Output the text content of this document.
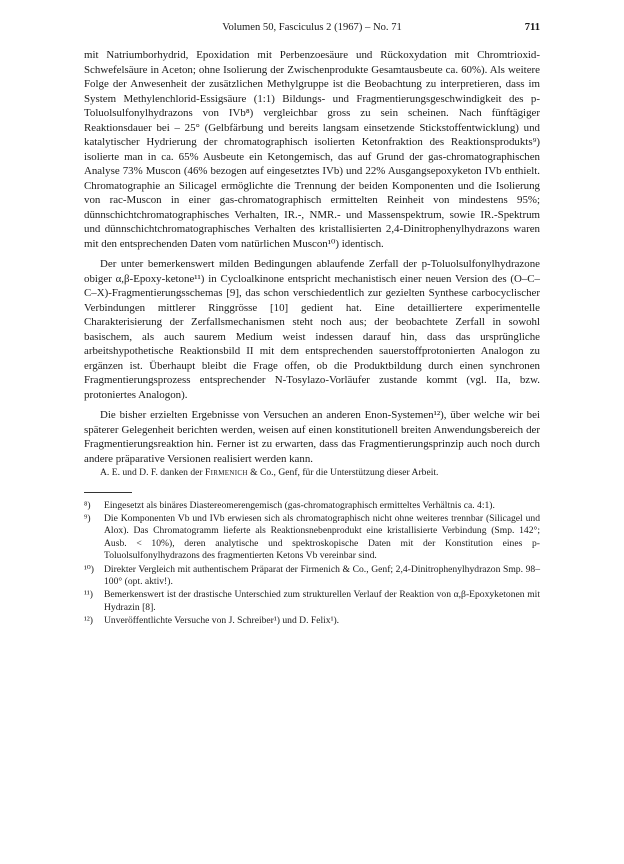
Volumen 50, Fasciculus 2 (1967) – No. 71	711

mit Natriumborhydrid, Epoxidation mit Perbenzoesäure und Rückoxydation mit Chromtrioxid-Schwefelsäure in Aceton; ohne Isolierung der Zwischenprodukte Gesamtausbeute ca. 60%). Als weitere Folge der Anwesenheit der zusätzlichen Methylgruppe ist die Beobachtung zu interpretieren, dass im System Methylenchlorid-Essigsäure (1:1) Bildungs- und Fragmentierungsgeschwindigkeit des p-Toluolsulfonylhydrazons von IVb⁸) vergleichbar gross zu sein scheinen. Nach fünftägiger Reaktionsdauer bei – 25° (Gelbfärbung und bereits langsam einsetzende Stickstoffentwicklung) und katalytischer Hydrierung der chromatographisch isolierten Ketonfraktion des Reaktionsprodukts⁹) isolierte man in ca. 65% Ausbeute ein Ketongemisch, das auf Grund der gas-chromatographischen Analyse 73% Muscon (46% bezogen auf eingesetztes IVb) und 22% Ausgangsepoxyketon IVb enthielt. Chromatographie an Silicagel ermöglichte die Trennung der beiden Komponenten und die Isolierung von rac-Muscon in einer gas-chromatographisch ermittelten Reinheit von mindestens 95%; dünnschichtchromatographisches Verhalten, IR.-, NMR.- und Massenspektrum, sowie IR.-Spektrum und dünnschichtchromatographisches Verhalten des kristallisierten 2,4-Dinitrophenylhydrazons waren mit den entsprechenden Daten vom natürlichen Muscon¹⁰) identisch.

Der unter bemerkenswert milden Bedingungen ablaufende Zerfall der p-Toluolsulfonylhydrazone obiger α,β-Epoxy-ketone¹¹) in Cycloalkinone entspricht mechanistisch einer neuen Version des (O–C–C–X)-Fragmentierungsschemas [9], das schon verschiedentlich zur gezielten Synthese carbocyclischer Verbindungen mittlerer Ringgrösse [10] gedient hat. Eine detailliertere experimentelle Charakterisierung der Zerfallsmechanismen steht noch aus; der beobachtete Zerfall in sowohl basischem, als auch saurem Medium weist indessen darauf hin, dass das ursprüngliche arbeitshypothetische Reaktionsbild II mit dem entsprechenden sauerstoffprotonierten Analogon zu ergänzen ist. Überhaupt bleibt die Frage offen, ob die Produktbildung durch einen synchronen Fragmentierungsprozess entsprechender N-Tosylazo-Vorläufer zustande kommt (vgl. IIa, bzw. protoniertes Analogon).

Die bisher erzielten Ergebnisse von Versuchen an anderen Enon-Systemen¹²), über welche wir bei späterer Gelegenheit berichten werden, weisen auf einen konstitutionell breiten Anwendungsbereich der Fragmentierungsreaktion hin. Ferner ist zu erwarten, dass das Fragmentierungsprinzip auch noch durch andere präparative Versionen realisiert werden kann.

A. E. und D. F. danken der Firmenich & Co., Genf, für die Unterstützung dieser Arbeit.

⁸) Eingesetzt als binäres Diastereomerengemisch (gas-chromatographisch ermitteltes Verhältnis ca. 4:1).
⁹) Die Komponenten Vb und IVb erwiesen sich als chromatographisch nicht ohne weiteres trennbar (Silicagel und Alox). Das Chromatogramm lieferte als Reaktionsnebenprodukt eine kristallisierte Verbindung (Smp. 142°; Ausb. < 10%), deren analytische und spektroskopische Daten mit der Konstitution eines p-Toluolsulfonylhydrazons des fragmentierten Ketons Vb vereinbar sind.
¹⁰) Direkter Vergleich mit authentischem Präparat der Firmenich & Co., Genf; 2,4-Dinitrophenylhydrazon Smp. 98–100° (opt. aktiv!).
¹¹) Bemerkenswert ist der drastische Unterschied zum strukturellen Verlauf der Reaktion von α,β-Epoxyketonen mit Hydrazin [8].
¹²) Unveröffentlichte Versuche von J. Schreiber¹) und D. Felix¹).
